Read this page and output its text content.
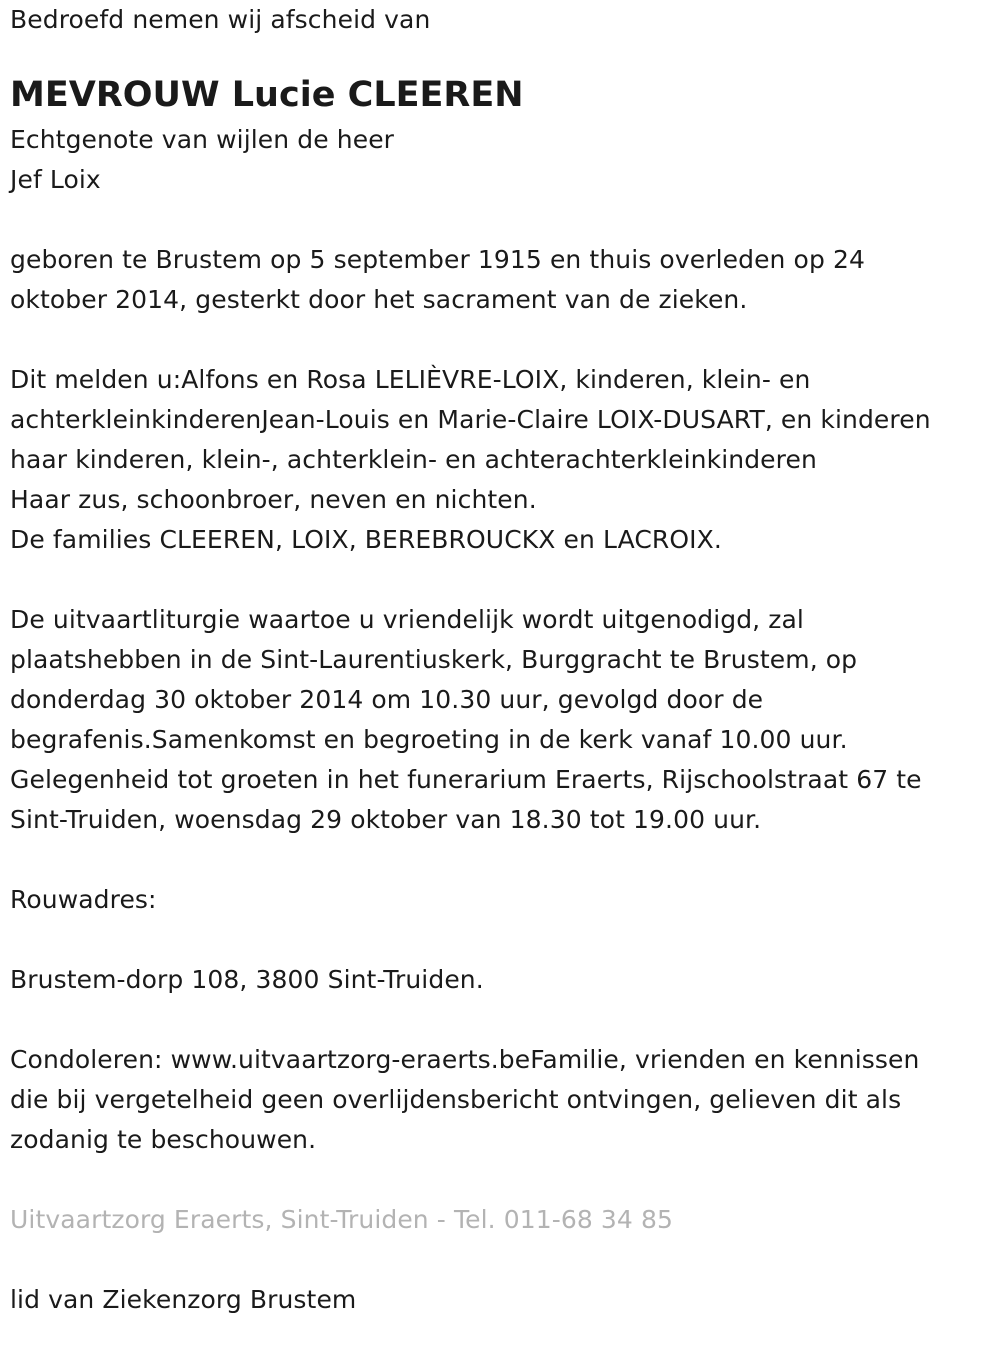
Bedroefd nemen wij afscheid van
MEVROUW Lucie CLEEREN
Echtgenote van wijlen de heer
Jef Loix
geboren te Brustem op 5 september 1915 en thuis overleden op 24
oktober 2014, gesterkt door het sacrament van de zieken.
Dit melden u:Alfons en Rosa LELIÈVRE-LOIX, kinderen, klein- en
achterkleinkinderenJean-Louis en Marie-Claire LOIX-DUSART, en kinderen
haar kinderen, klein-, achterklein- en achterachterkleinkinderen
Haar zus, schoonbroer, neven en nichten.
De families CLEEREN, LOIX, BEREBROUCKX en LACROIX.
De uitvaartliturgie waartoe u vriendelijk wordt uitgenodigd, zal
plaatshebben in de Sint-Laurentiuskerk, Burggracht te Brustem, op
donderdag 30 oktober 2014 om 10.30 uur, gevolgd door de
begrafenis.Samenkomst en begroeting in de kerk vanaf 10.00 uur.
Gelegenheid tot groeten in het funerarium Eraerts, Rijschoolstraat 67 te
Sint-Truiden, woensdag 29 oktober van 18.30 tot 19.00 uur.
Rouwadres:
Brustem-dorp 108, 3800 Sint-Truiden.
Condoleren: www.uitvaartzorg-eraerts.beFamilie, vrienden en kennissen
die bij vergetelheid geen overlijdensbericht ontvingen, gelieven dit als
zodanig te beschouwen.
Uitvaartzorg Eraerts, Sint-Truiden - Tel. 011-68 34 85
lid van Ziekenzorg Brustem
